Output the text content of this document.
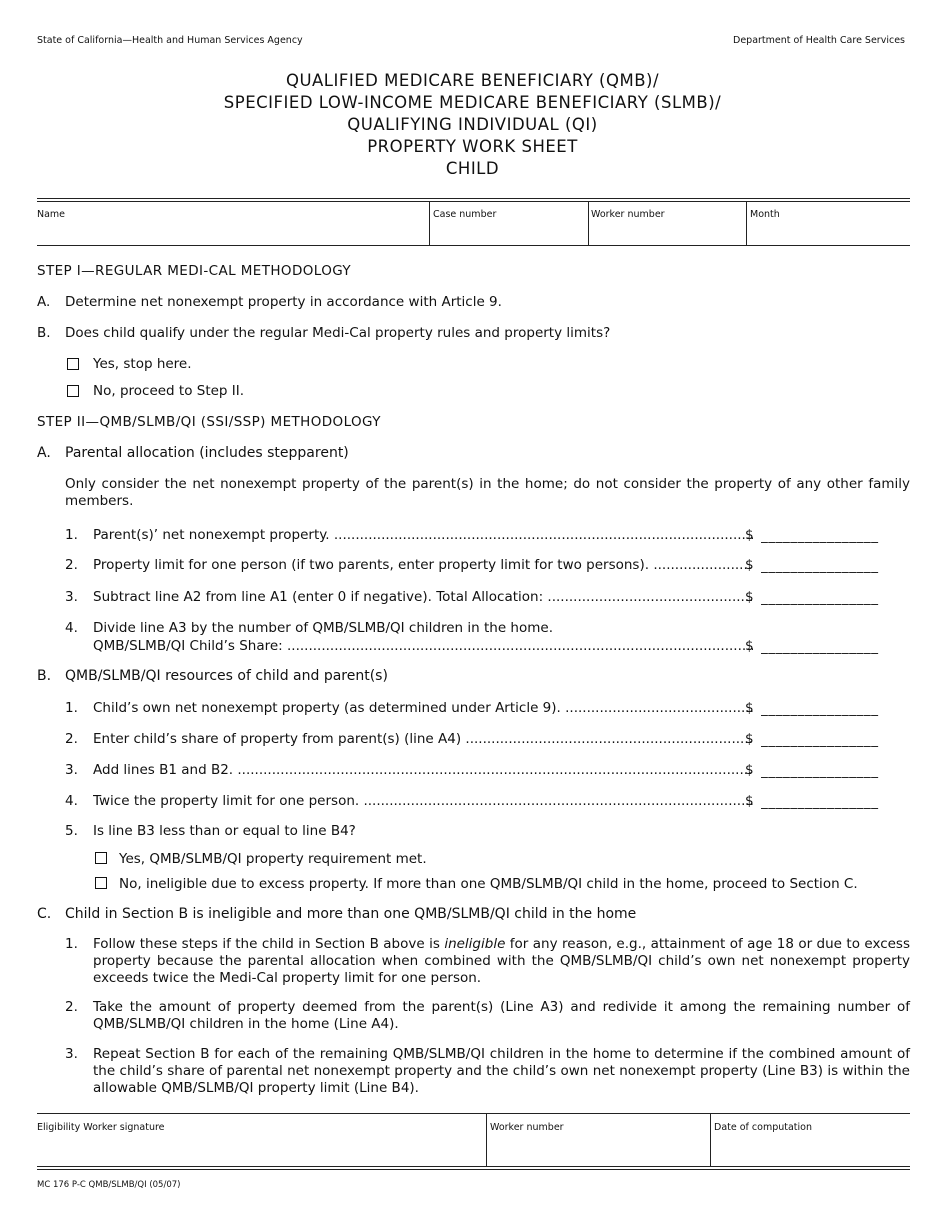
State of California—Health and Human Services Agency	Department of Health Care Services
QUALIFIED MEDICARE BENEFICIARY (QMB)/
SPECIFIED LOW-INCOME MEDICARE BENEFICIARY (SLMB)/
QUALIFYING INDIVIDUAL (QI)
PROPERTY WORK SHEET
CHILD
Name	Case number	Worker number	Month
STEP I—REGULAR MEDI-CAL METHODOLOGY
A. Determine net nonexempt property in accordance with Article 9.
B. Does child qualify under the regular Medi-Cal property rules and property limits?
Yes, stop here.
No, proceed to Step II.
STEP II—QMB/SLMB/QI (SSI/SSP) METHODOLOGY
A. Parental allocation (includes stepparent)
Only consider the net nonexempt property of the parent(s) in the home; do not consider the property of any other family members.
1. Parent(s)’ net nonexempt property. .....	$ ________________
2. Property limit for one person (if two parents, enter property limit for two persons). .....	$ ________________
3. Subtract line A2 from line A1 (enter 0 if negative). Total Allocation: .....	$ ________________
4. Divide line A3 by the number of QMB/SLMB/QI children in the home.
QMB/SLMB/QI Child’s Share: .....	$ ________________
B. QMB/SLMB/QI resources of child and parent(s)
1. Child’s own net nonexempt property (as determined under Article 9). .....	$ ________________
2. Enter child’s share of property from parent(s) (line A4) .....	$ ________________
3. Add lines B1 and B2. .....	$ ________________
4. Twice the property limit for one person. .....	$ ________________
5. Is line B3 less than or equal to line B4?
Yes, QMB/SLMB/QI property requirement met.
No, ineligible due to excess property. If more than one QMB/SLMB/QI child in the home, proceed to Section C.
C. Child in Section B is ineligible and more than one QMB/SLMB/QI child in the home
1. Follow these steps if the child in Section B above is ineligible for any reason, e.g., attainment of age 18 or due to excess property because the parental allocation when combined with the QMB/SLMB/QI child’s own net nonexempt property exceeds twice the Medi-Cal property limit for one person.
2. Take the amount of property deemed from the parent(s) (Line A3) and redivide it among the remaining number of QMB/SLMB/QI children in the home (Line A4).
3. Repeat Section B for each of the remaining QMB/SLMB/QI children in the home to determine if the combined amount of the child’s share of parental net nonexempt property and the child’s own net nonexempt property (Line B3) is within the allowable QMB/SLMB/QI property limit (Line B4).
Eligibility Worker signature	Worker number	Date of computation
MC 176 P-C QMB/SLMB/QI (05/07)
